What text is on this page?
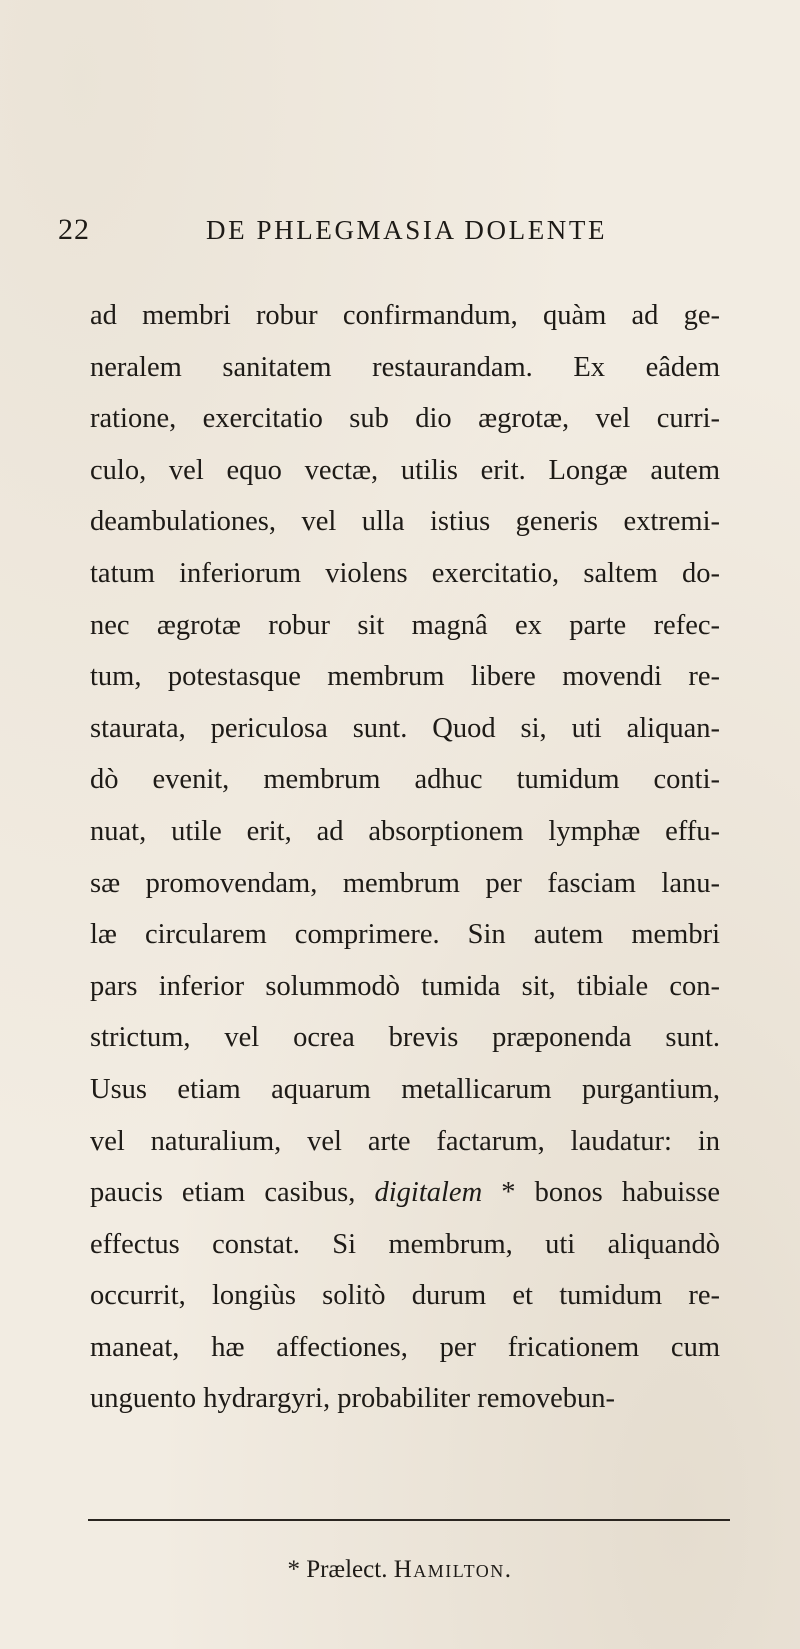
22	DE PHLEGMASIA DOLENTE
ad membri robur confirmandum, quàm ad ge-
neralem sanitatem restaurandam. Ex eâdem
ratione, exercitatio sub dio ægrotæ, vel curri-
culo, vel equo vectæ, utilis erit. Longæ autem
deambulationes, vel ulla istius generis extremi-
tatum inferiorum violens exercitatio, saltem do-
nec ægrotæ robur sit magnâ ex parte refec-
tum, potestasque membrum libere movendi re-
staurata, periculosa sunt. Quod si, uti aliquan-
dò evenit, membrum adhuc tumidum conti-
nuat, utile erit, ad absorptionem lymphæ effu-
sæ promovendam, membrum per fasciam lanu-
læ circularem comprimere. Sin autem membri
pars inferior solummodò tumida sit, tibiale con-
strictum, vel ocrea brevis præponenda sunt.
Usus etiam aquarum metallicarum purgantium,
vel naturalium, vel arte factarum, laudatur: in
paucis etiam casibus, digitalem * bonos habuisse
effectus constat. Si membrum, uti aliquandò
occurrit, longiùs solitò durum et tumidum re-
maneat, hæ affectiones, per fricationem cum
unguento hydrargyri, probabiliter removebun-
* Prælect. Hamilton.
